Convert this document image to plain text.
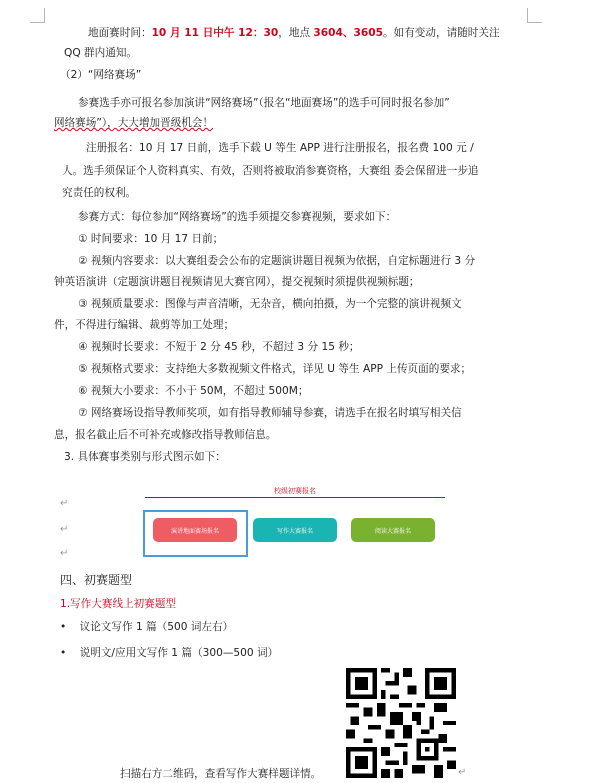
地面赛时间：10 月 11 日中午 12：30，地点 3604、3605。如有变动，请随时关注
QQ 群内通知。
（2）“网络赛场”
参赛选手亦可报名参加演讲“网络赛场”（报名“地面赛场”的选手可同时报名参加”
网络赛场”），大大增加晋级机会！
注册报名：10 月 17 日前，选手下载 U 等生 APP 进行注册报名，报名费 100 元 /
人。选手须保证个人资料真实、有效，否则将被取消参赛资格，大赛组 委会保留进一步追
究责任的权利。
参赛方式：每位参加“网络赛场”的选手须提交参赛视频，要求如下：
① 时间要求：10 月 17 日前；
② 视频内容要求：以大赛组委会公布的定题演讲题目视频为依据，自定标题进行 3 分
钟英语演讲（定题演讲题目视频请见大赛官网），提交视频时须提供视频标题；
③ 视频质量要求：图像与声音清晰，无杂音，横向拍摄，为一个完整的演讲视频文
件，不得进行编辑、裁剪等加工处理；
④ 视频时长要求：不短于 2 分 45 秒，不超过 3 分 15 秒；
⑤ 视频格式要求：支持绝大多数视频文件格式，详见 U 等生 APP 上传页面的要求；
⑥ 视频大小要求：不小于 50M，不超过 500M；
⑦ 网络赛场设指导教师奖项，如有指导教师辅导参赛，请选手在报名时填写相关信
息，报名截止后不可补充或修改指导教师信息。
3. 具体赛事类别与形式图示如下：
↵
↵
↵
校级初赛报名
演讲地面赛场报名	写作大赛报名	阅读大赛报名
四、初赛题型
1.写作大赛线上初赛题型
• 议论文写作 1 篇（500 词左右）
• 说明文/应用文写作 1 篇（300—500 词）
扫描右方二维码，查看写作大赛样题详情。	↵
